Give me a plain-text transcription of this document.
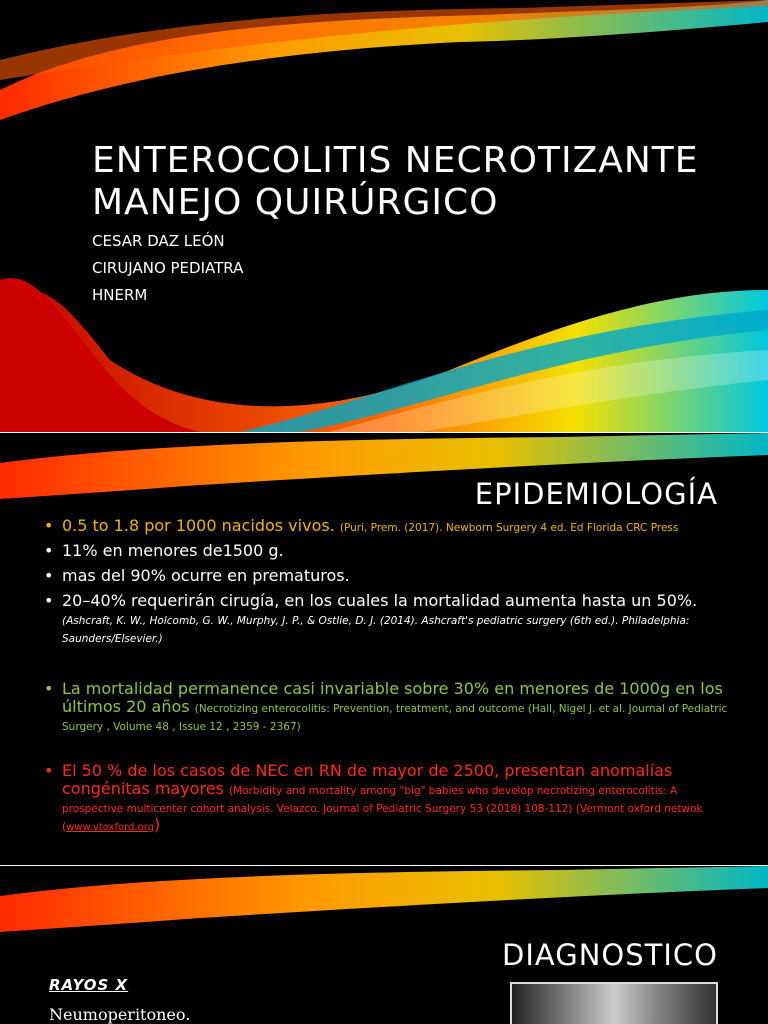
ENTEROCOLITIS NECROTIZANTE
MANEJO QUIRÚRGICO
CESAR DAZ LEÓN
CIRUJANO PEDIATRA
HNERM
EPIDEMIOLOGÍA
• 0.5 to 1.8 por 1000 nacidos vivos. (Puri, Prem. (2017). Newborn Surgery 4 ed. Ed Florida CRC Press
• 11% en menores de1500 g.
• mas del 90% ocurre en prematuros.
• 20–40% requerirán cirugía, en los cuales la mortalidad aumenta hasta un 50%. (Ashcraft, K. W., Holcomb, G. W., Murphy, J. P., & Ostlie, D. J. (2014). Ashcraft's pediatric surgery (6th ed.). Philadelphia: Saunders/Elsevier.)
• La mortalidad permanence casi invariable sobre 30% en menores de 1000g en los últimos 20 años (Necrotizing enterocolitis: Prevention, treatment, and outcome (Hall, Nigel J. et al. Journal of Pediatric Surgery , Volume 48 , Issue 12 , 2359 - 2367)
• El 50 % de los casos de NEC en RN de mayor de 2500, presentan anomalías congénitas mayores (Morbidity and mortality among "big" babies who develop necrotizing enterocolitis: A prospective multicenter cohort analysis. Velazco. Journal of Pediatric Surgery 53 (2018) 108-112) (Vermont oxford netwok (www.vtoxford.org)
DIAGNOSTICO
RAYOS X
Neumoperitoneo.
